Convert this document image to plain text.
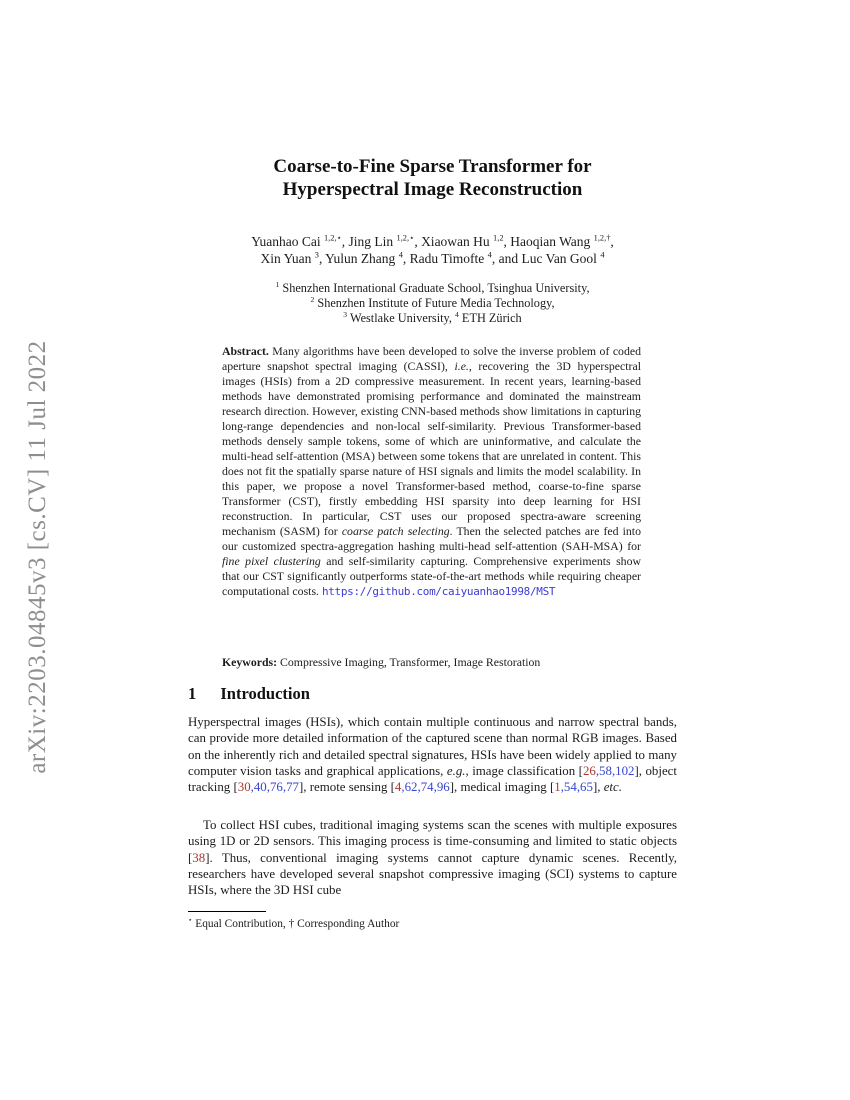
arXiv:2203.04845v3 [cs.CV] 11 Jul 2022
Coarse-to-Fine Sparse Transformer for
Hyperspectral Image Reconstruction
Yuanhao Cai $^{1,2,⋆}$, Jing Lin $^{1,2,⋆}$, Xiaowan Hu $^{1,2}$, Haoqian Wang $^{1,2,\dagger}$,
Xin Yuan $^3$, Yulun Zhang $^4$, Radu Timofte $^4$, and Luc Van Gool $^4$
$^1$ Shenzhen International Graduate School, Tsinghua University,
$^2$ Shenzhen Institute of Future Media Technology,
$^3$ Westlake University, $^4$ ETH Zürich
Abstract. Many algorithms have been developed to solve the inverse problem of coded aperture snapshot spectral imaging (CASSI), i.e., recovering the 3D hyperspectral images (HSIs) from a 2D compressive measurement. In recent years, learning-based methods have demonstrated promising performance and dominated the mainstream research direction. However, existing CNN-based methods show limitations in capturing long-range dependencies and non-local self-similarity. Previous Transformer-based methods densely sample tokens, some of which are uninformative, and calculate the multi-head self-attention (MSA) between some tokens that are unrelated in content. This does not fit the spatially sparse nature of HSI signals and limits the model scalability. In this paper, we propose a novel Transformer-based method, coarse-to-fine sparse Transformer (CST), firstly embedding HSI sparsity into deep learning for HSI reconstruction. In particular, CST uses our proposed spectra-aware screening mechanism (SASM) for coarse patch selecting. Then the selected patches are fed into our customized spectra-aggregation hashing multi-head self-attention (SAH-MSA) for fine pixel clustering and self-similarity capturing. Comprehensive experiments show that our CST significantly outperforms state-of-the-art methods while requiring cheaper computational costs. https://github.com/caiyuanhao1998/MST
Keywords: Compressive Imaging, Transformer, Image Restoration
1 Introduction
Hyperspectral images (HSIs), which contain multiple continuous and narrow spectral bands, can provide more detailed information of the captured scene than normal RGB images. Based on the inherently rich and detailed spectral signatures, HSIs have been widely applied to many computer vision tasks and graphical applications, e.g., image classification [26,58,102], object tracking [30,40,76,77], remote sensing [4,62,74,96], medical imaging [1,54,65], etc.
To collect HSI cubes, traditional imaging systems scan the scenes with multiple exposures using 1D or 2D sensors. This imaging process is time-consuming and limited to static objects [38]. Thus, conventional imaging systems cannot capture dynamic scenes. Recently, researchers have developed several snapshot compressive imaging (SCI) systems to capture HSIs, where the 3D HSI cube
⋆ Equal Contribution, † Corresponding Author
